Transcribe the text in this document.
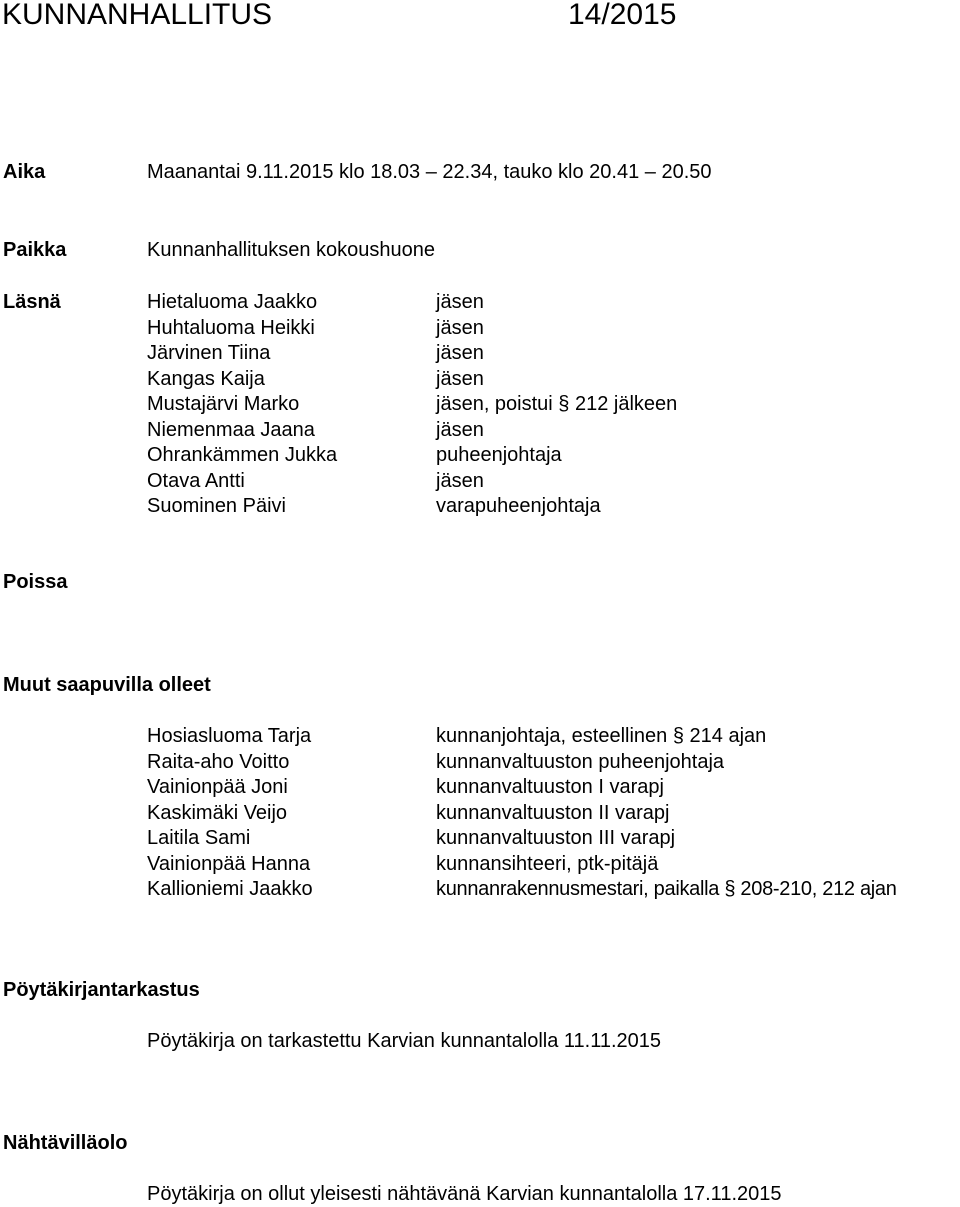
KUNNANHALLITUS	14/2015
Aika	Maanantai 9.11.2015 klo 18.03 – 22.34, tauko klo 20.41 – 20.50
Paikka	Kunnanhallituksen kokoushuone
Läsnä	Hietaluoma Jaakko	jäsen
Huhtaluoma Heikki	jäsen
Järvinen Tiina	jäsen
Kangas Kaija	jäsen
Mustajärvi Marko	jäsen, poistui § 212 jälkeen
Niemenmaa Jaana	jäsen
Ohrankämmen Jukka	puheenjohtaja
Otava Antti	jäsen
Suominen Päivi	varapuheenjohtaja
Poissa
Muut saapuvilla olleet
Hosiasluoma Tarja	kunnanjohtaja, esteellinen § 214 ajan
Raita-aho Voitto	kunnanvaltuuston puheenjohtaja
Vainionpää Joni	kunnanvaltuuston I varapj
Kaskimäki Veijo	kunnanvaltuuston II varapj
Laitila Sami	kunnanvaltuuston III varapj
Vainionpää Hanna	kunnansihteeri, ptk-pitäjä
Kallioniemi Jaakko	kunnanrakennusmestari, paikalla § 208-210, 212 ajan
Pöytäkirjantarkastus
Pöytäkirja on tarkastettu Karvian kunnantalolla 11.11.2015
Nähtävilläolo
Pöytäkirja on ollut yleisesti nähtävänä Karvian kunnantalolla 17.11.2015
